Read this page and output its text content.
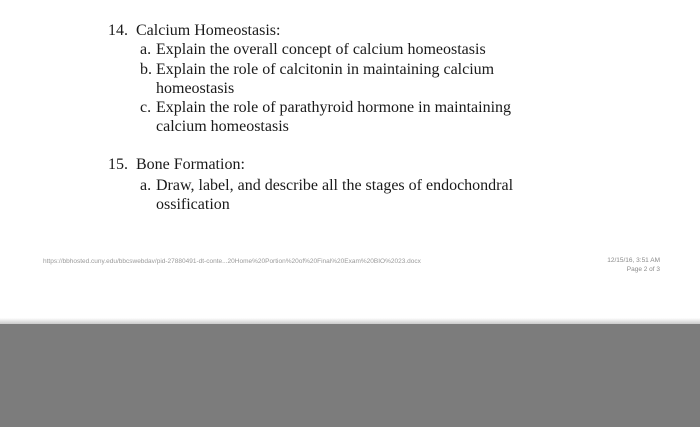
14. Calcium Homeostasis:
a. Explain the overall concept of calcium homeostasis
b. Explain the role of calcitonin in maintaining calcium
homeostasis
c. Explain the role of parathyroid hormone in maintaining
calcium homeostasis
15. Bone Formation:
a. Draw, label, and describe all the stages of endochondral
ossification
https://bbhosted.cuny.edu/bbcswebdav/pid-27880491-dt-conte...20Home%20Portion%20of%20Final%20Exam%20BIO%2023.docx	12/15/16, 3:51 AM
Page 2 of 3
